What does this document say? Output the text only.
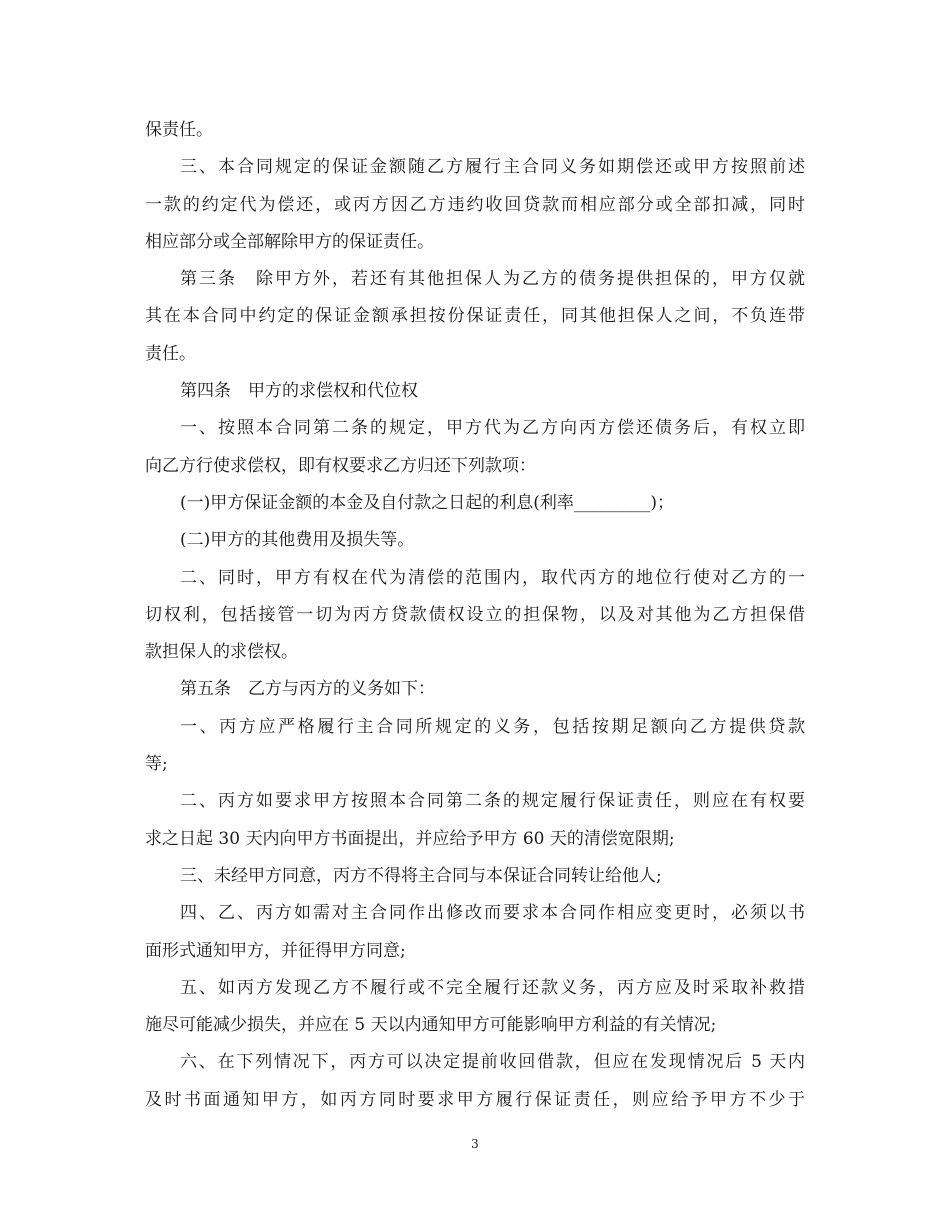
保责任。
三、本合同规定的保证金额随乙方履行主合同义务如期偿还或甲方按照前述
一款的约定代为偿还，或丙方因乙方违约收回贷款而相应部分或全部扣减，同时
相应部分或全部解除甲方的保证责任。
第三条　除甲方外，若还有其他担保人为乙方的债务提供担保的，甲方仅就
其在本合同中约定的保证金额承担按份保证责任，同其他担保人之间，不负连带
责任。
第四条　甲方的求偿权和代位权
一、按照本合同第二条的规定，甲方代为乙方向丙方偿还债务后，有权立即
向乙方行使求偿权，即有权要求乙方归还下列款项：
(一)甲方保证金额的本金及自付款之日起的利息(利率_________)；
(二)甲方的其他费用及损失等。
二、同时，甲方有权在代为清偿的范围内，取代丙方的地位行使对乙方的一
切权利，包括接管一切为丙方贷款债权设立的担保物，以及对其他为乙方担保借
款担保人的求偿权。
第五条　乙方与丙方的义务如下：
一、丙方应严格履行主合同所规定的义务，包括按期足额向乙方提供贷款
等;
二、丙方如要求甲方按照本合同第二条的规定履行保证责任，则应在有权要
求之日起 30 天内向甲方书面提出，并应给予甲方 60 天的清偿宽限期;
三、未经甲方同意，丙方不得将主合同与本保证合同转让给他人;
四、乙、丙方如需对主合同作出修改而要求本合同作相应变更时，必须以书
面形式通知甲方，并征得甲方同意;
五、如丙方发现乙方不履行或不完全履行还款义务，丙方应及时采取补救措
施尽可能减少损失，并应在 5 天以内通知甲方可能影响甲方利益的有关情况;
六、在下列情况下，丙方可以决定提前收回借款，但应在发现情况后 5 天内
及时书面通知甲方，如丙方同时要求甲方履行保证责任，则应给予甲方不少于
3
